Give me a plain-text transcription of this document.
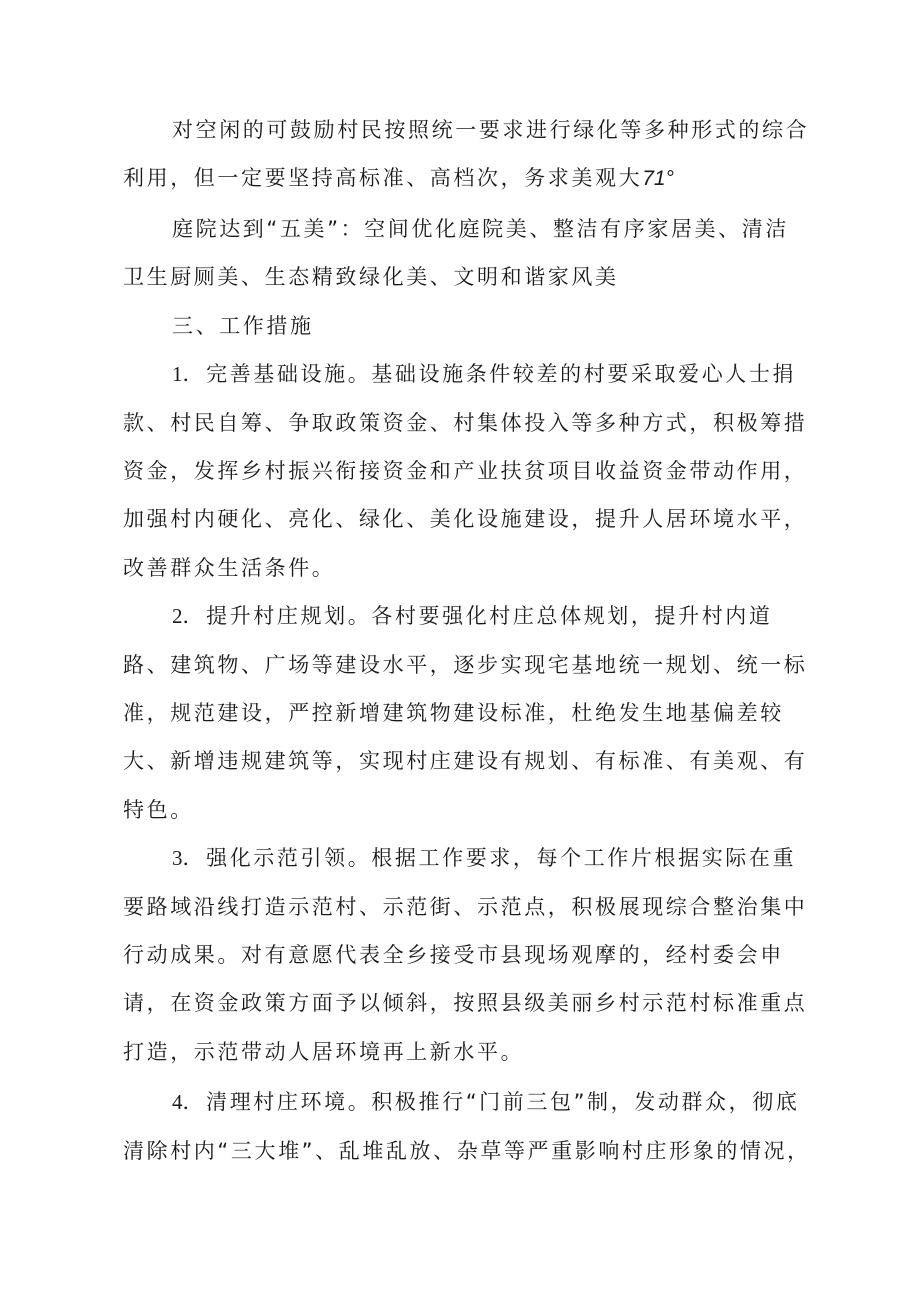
对空闲的可鼓励村民按照统一要求进行绿化等多种形式的综合
利用，但一定要坚持高标准、高档次，务求美观大71°
庭院达到“五美”：空间优化庭院美、整洁有序家居美、清洁
卫生厨厕美、生态精致绿化美、文明和谐家风美
三、工作措施
1．完善基础设施。基础设施条件较差的村要采取爱心人士捐
款、村民自筹、争取政策资金、村集体投入等多种方式，积极筹措
资金，发挥乡村振兴衔接资金和产业扶贫项目收益资金带动作用，
加强村内硬化、亮化、绿化、美化设施建设，提升人居环境水平，
改善群众生活条件。
2．提升村庄规划。各村要强化村庄总体规划，提升村内道
路、建筑物、广场等建设水平，逐步实现宅基地统一规划、统一标
准，规范建设，严控新增建筑物建设标准，杜绝发生地基偏差较
大、新增违规建筑等，实现村庄建设有规划、有标准、有美观、有
特色。
3．强化示范引领。根据工作要求，每个工作片根据实际在重
要路域沿线打造示范村、示范街、示范点，积极展现综合整治集中
行动成果。对有意愿代表全乡接受市县现场观摩的，经村委会申
请，在资金政策方面予以倾斜，按照县级美丽乡村示范村标准重点
打造，示范带动人居环境再上新水平。
4．清理村庄环境。积极推行“门前三包”制，发动群众，彻底
清除村内“三大堆”、乱堆乱放、杂草等严重影响村庄形象的情况，
